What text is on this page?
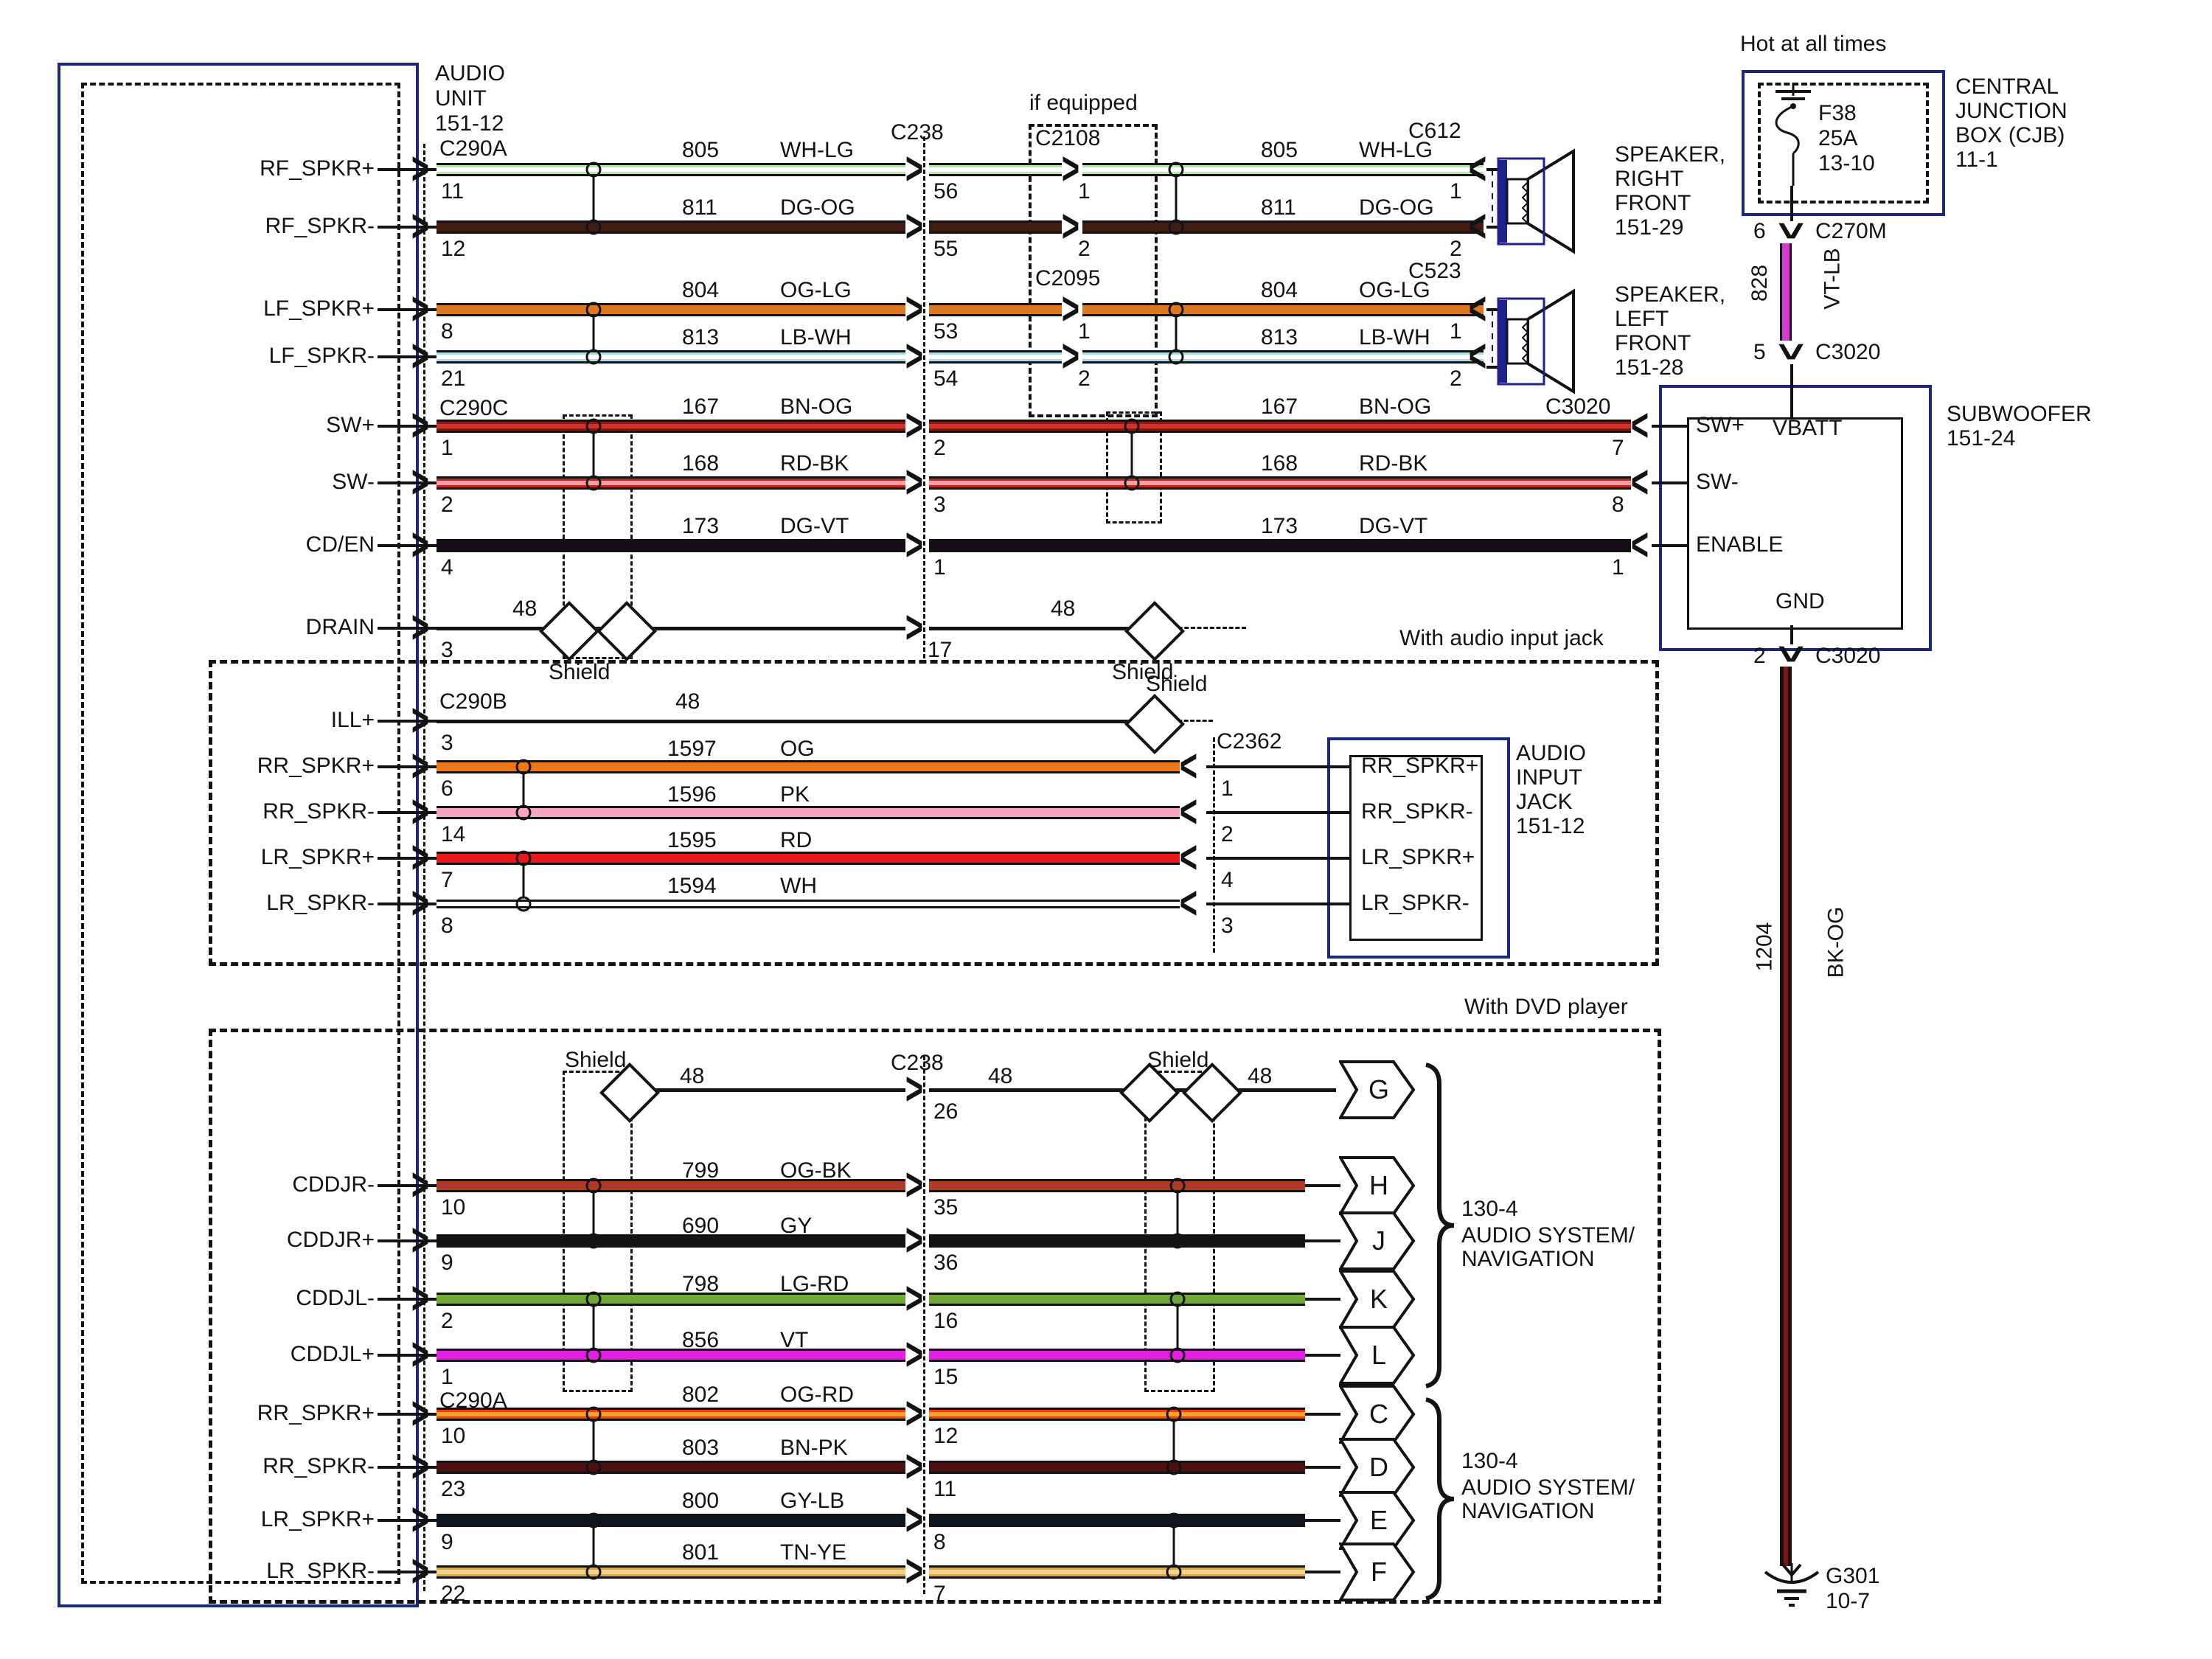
>	>	>	<
>	>	>	<
>	>	>	<
>	>	>	<
>	>	<
>	>	<
>	>	<
>	>
>
>	<
>	<
>	<
>	<
>
>	>
>	>
>	>
>	>
>	>
>	>
>	>
>	>
>
>
>
G
H
J
K
L
C
D
E
F
AUDIO
UNIT
151-12
C290A
RF_SPKR+
RF_SPKR-
LF_SPKR+
LF_SPKR-
11
12
8
21
805	WH-LG
811	DG-OG
804	OG-LG
813	LB-WH
C238
56
55
53
54
if equipped
C2108
1
2
C2095
1
2
805	WH-LG
811	DG-OG
804	OG-LG
813	LB-WH
C612
1
2
SPEAKER,
RIGHT
FRONT
151-29
C523
1
2
SPEAKER,
LEFT
FRONT
151-28
C290C
SW+
SW-
CD/EN
DRAIN
1
2
4
3
167	BN-OG
168	RD-BK
173	DG-VT
48
Shield
2
3
1
17
48
167	BN-OG
168	RD-BK
173	DG-VT
Shield
C3020
7
8
1
SW+ VBATT
SW-
ENABLE
GND
SUBWOOFER
151-24
Hot at all times
F38
25A
13-10
CENTRAL
JUNCTION
BOX (CJB)
11-1
6 C270M
828 VT-LB
5 C3020
2 C3020
1204 BK-OG
G301
10-7
With audio input jack
C290B	48
ILL+
3
Shield
RR_SPKR+
RR_SPKR-
LR_SPKR+
LR_SPKR-
6
14
7
8
1597	OG
1596	PK
1595	RD
1594	WH
C2362
1
2
4
3
RR_SPKR+
RR_SPKR-
LR_SPKR+
LR_SPKR-
AUDIO
INPUT
JACK
151-12
With DVD player
Shield
48
C238
48
26
Shield
48
CDDJR-
CDDJR+
CDDJL-
CDDJL+
10
9
2
1
799	OG-BK
690	GY
798	LG-RD
856	VT
35
36
16
15
130-4
AUDIO SYSTEM/
NAVIGATION
C290A
RR_SPKR+
RR_SPKR-
LR_SPKR+
LR_SPKR-
10
23
9
22
802	OG-RD
803	BN-PK
800	GY-LB
801	TN-YE
12
11
8
7
130-4
AUDIO SYSTEM/
NAVIGATION
